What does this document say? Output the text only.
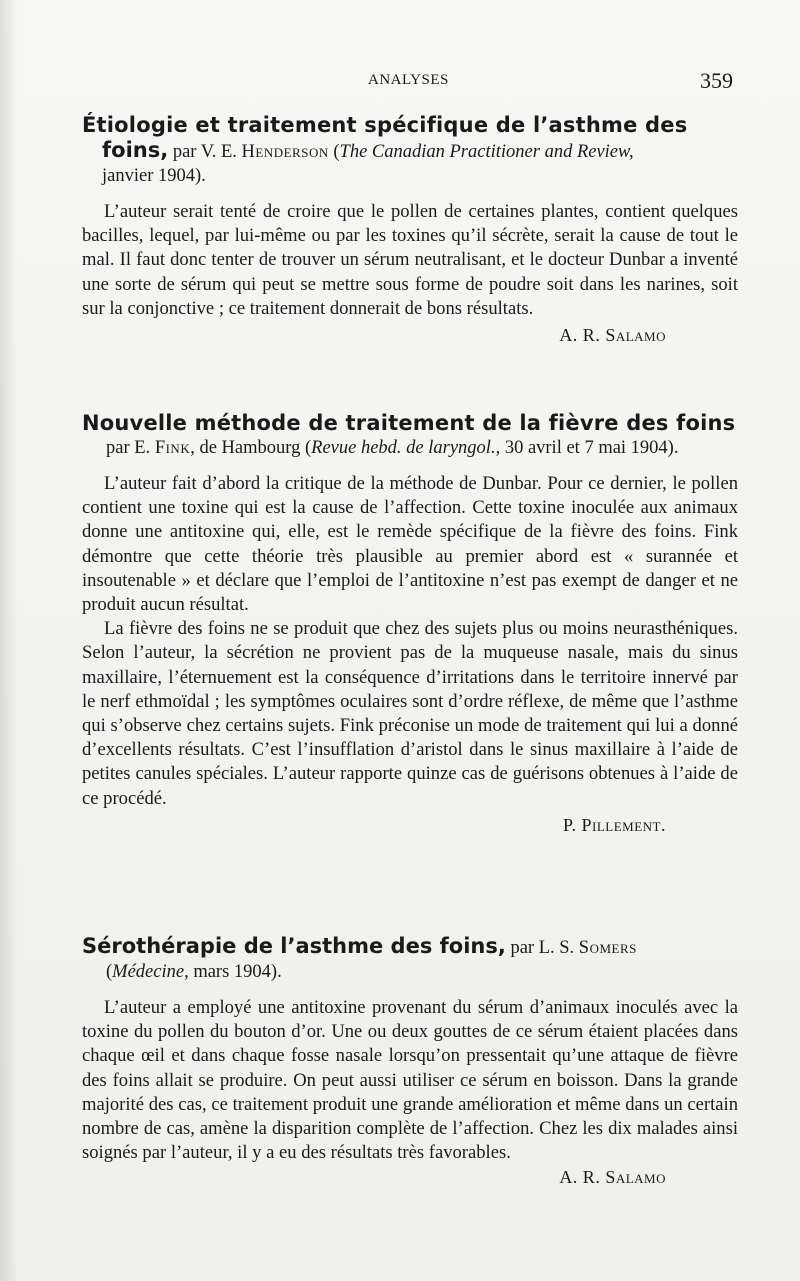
ANALYSES	359
Étiologie et traitement spécifique de l’asthme des
foins, par V. E. Henderson (The Canadian Practitioner and Review,
janvier 1904).

L’auteur serait tenté de croire que le pollen de certaines plantes, contient quelques bacilles, lequel, par lui-même ou par les toxines qu’il sécrète, serait la cause de tout le mal. Il faut donc tenter de trouver un sérum neutralisant, et le docteur Dunbar a inventé une sorte de sérum qui peut se mettre sous forme de poudre soit dans les narines, soit sur la conjonctive ; ce traitement donnerait de bons résultats.

A. R. Salamo
Nouvelle méthode de traitement de la fièvre des foins
par E. Fink, de Hambourg (Revue hebd. de laryngol., 30 avril et 7 mai 1904).

L’auteur fait d’abord la critique de la méthode de Dunbar. Pour ce dernier, le pollen contient une toxine qui est la cause de l’affection. Cette toxine inoculée aux animaux donne une antitoxine qui, elle, est le remède spécifique de la fièvre des foins. Fink démontre que cette théorie très plausible au premier abord est « surannée et insoutenable » et déclare que l’emploi de l’antitoxine n’est pas exempt de danger et ne produit aucun résultat.

La fièvre des foins ne se produit que chez des sujets plus ou moins neurasthéniques. Selon l’auteur, la sécrétion ne provient pas de la muqueuse nasale, mais du sinus maxillaire, l’éternuement est la conséquence d’irritations dans le territoire innervé par le nerf ethmoïdal ; les symptômes oculaires sont d’ordre réflexe, de même que l’asthme qui s’observe chez certains sujets. Fink préconise un mode de traitement qui lui a donné d’excellents résultats. C’est l’insufflation d’aristol dans le sinus maxillaire à l’aide de petites canules spéciales. L’auteur rapporte quinze cas de guérisons obtenues à l’aide de ce procédé.

P. Pillement.
Sérothérapie de l’asthme des foins, par L. S. Somers
(Médecine, mars 1904).

L’auteur a employé une antitoxine provenant du sérum d’animaux inoculés avec la toxine du pollen du bouton d’or. Une ou deux gouttes de ce sérum étaient placées dans chaque œil et dans chaque fosse nasale lorsqu’on pressentait qu’une attaque de fièvre des foins allait se produire. On peut aussi utiliser ce sérum en boisson. Dans la grande majorité des cas, ce traitement produit une grande amélioration et même dans un certain nombre de cas, amène la disparition complète de l’affection. Chez les dix malades ainsi soignés par l’auteur, il y a eu des résultats très favorables.

A. R. Salamo
